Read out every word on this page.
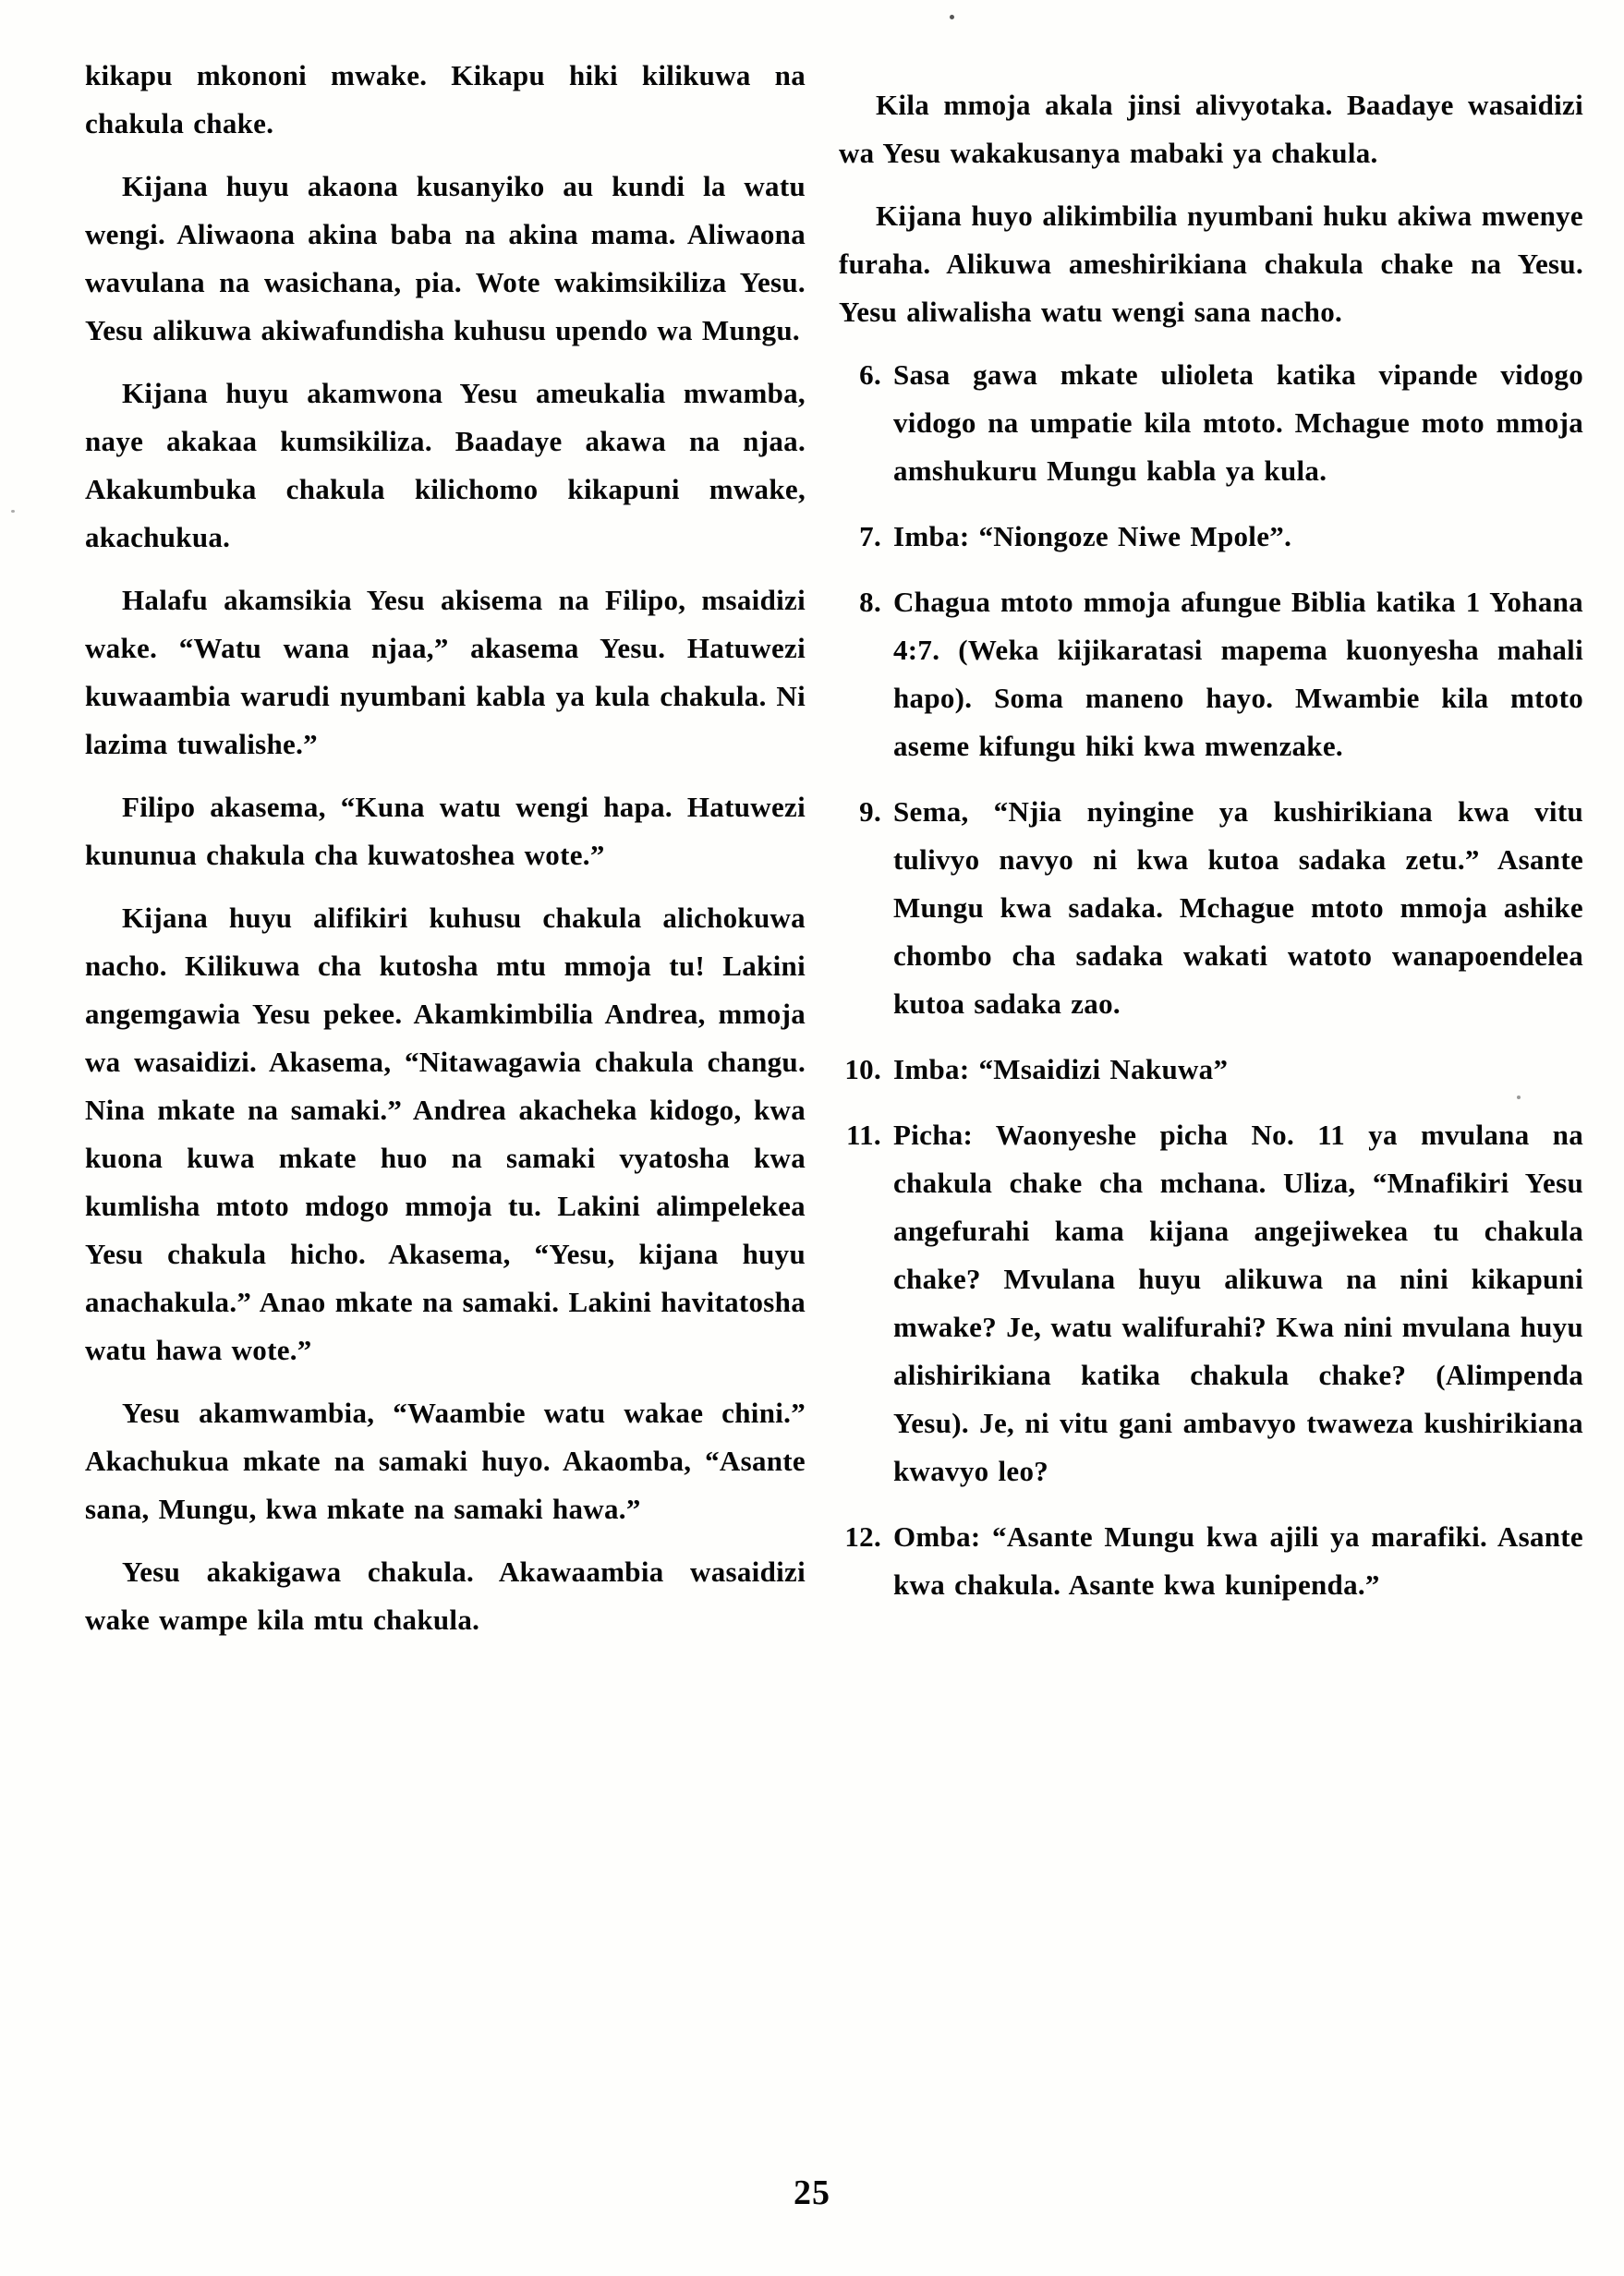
kikapu mkononi mwake. Kikapu hiki kilikuwa na chakula chake.

Kijana huyu akaona kusanyiko au kundi la watu wengi. Aliwaona akina baba na akina mama. Aliwaona wavulana na wasichana, pia. Wote wakimsikiliza Yesu. Yesu alikuwa akiwafundisha kuhusu upendo wa Mungu.

Kijana huyu akamwona Yesu ameukalia mwamba, naye akakaa kumsikiliza. Baadaye akawa na njaa. Akakumbuka chakula kilichomo kikapuni mwake, akachukua.

Halafu akamsikia Yesu akisema na Filipo, msaidizi wake. “Watu wana njaa,” akasema Yesu. Hatuwezi kuwaambia warudi nyumbani kabla ya kula chakula. Ni lazima tuwalishe.”

Filipo akasema, “Kuna watu wengi hapa. Hatuwezi kununua chakula cha kuwatoshea wote.”

Kijana huyu alifikiri kuhusu chakula alichokuwa nacho. Kilikuwa cha kutosha mtu mmoja tu! Lakini angemgawia Yesu pekee. Akamkimbilia Andrea, mmoja wa wasaidizi. Akasema, “Nitawagawia chakula changu. Nina mkate na samaki.” Andrea akacheka kidogo, kwa kuona kuwa mkate huo na samaki vyatosha kwa kumlisha mtoto mdogo mmoja tu. Lakini alimpelekea Yesu chakula hicho. Akasema, “Yesu, kijana huyu anachakula.” Anao mkate na samaki. Lakini havitatosha watu hawa wote.”

Yesu akamwambia, “Waambie watu wakae chini.” Akachukua mkate na samaki huyo. Akaomba, “Asante sana, Mungu, kwa mkate na samaki hawa.”

Yesu akakigawa chakula. Akawaambia wasaidizi wake wampe kila mtu chakula.

Kila mmoja akala jinsi alivyotaka. Baadaye wasaidizi wa Yesu wakakusanya mabaki ya chakula.

Kijana huyo alikimbilia nyumbani huku akiwa mwenye furaha. Alikuwa ameshirikiana chakula chake na Yesu. Yesu aliwalisha watu wengi sana nacho.

6. Sasa gawa mkate ulioleta katika vipande vidogo vidogo na umpatie kila mtoto. Mchague moto mmoja amshukuru Mungu kabla ya kula.
7. Imba: “Niongoze Niwe Mpole”.
8. Chagua mtoto mmoja afungue Biblia katika 1 Yohana 4:7. (Weka kijikaratasi mapema kuonyesha mahali hapo). Soma maneno hayo. Mwambie kila mtoto aseme kifungu hiki kwa mwenzake.
9. Sema, “Njia nyingine ya kushirikiana kwa vitu tulivyo navyo ni kwa kutoa sadaka zetu.” Asante Mungu kwa sadaka. Mchague mtoto mmoja ashike chombo cha sadaka wakati watoto wanapoendelea kutoa sadaka zao.
10. Imba: “Msaidizi Nakuwa”
11. Picha: Waonyeshe picha No. 11 ya mvulana na chakula chake cha mchana. Uliza, “Mnafikiri Yesu angefurahi kama kijana angejiwekea tu chakula chake? Mvulana huyu alikuwa na nini kikapuni mwake? Je, watu walifurahi? Kwa nini mvulana huyu alishirikiana katika chakula chake? (Alimpenda Yesu). Je, ni vitu gani ambavyo twaweza kushirikiana kwavyo leo?
12. Omba: “Asante Mungu kwa ajili ya marafiki. Asante kwa chakula. Asante kwa kunipenda.”
25
